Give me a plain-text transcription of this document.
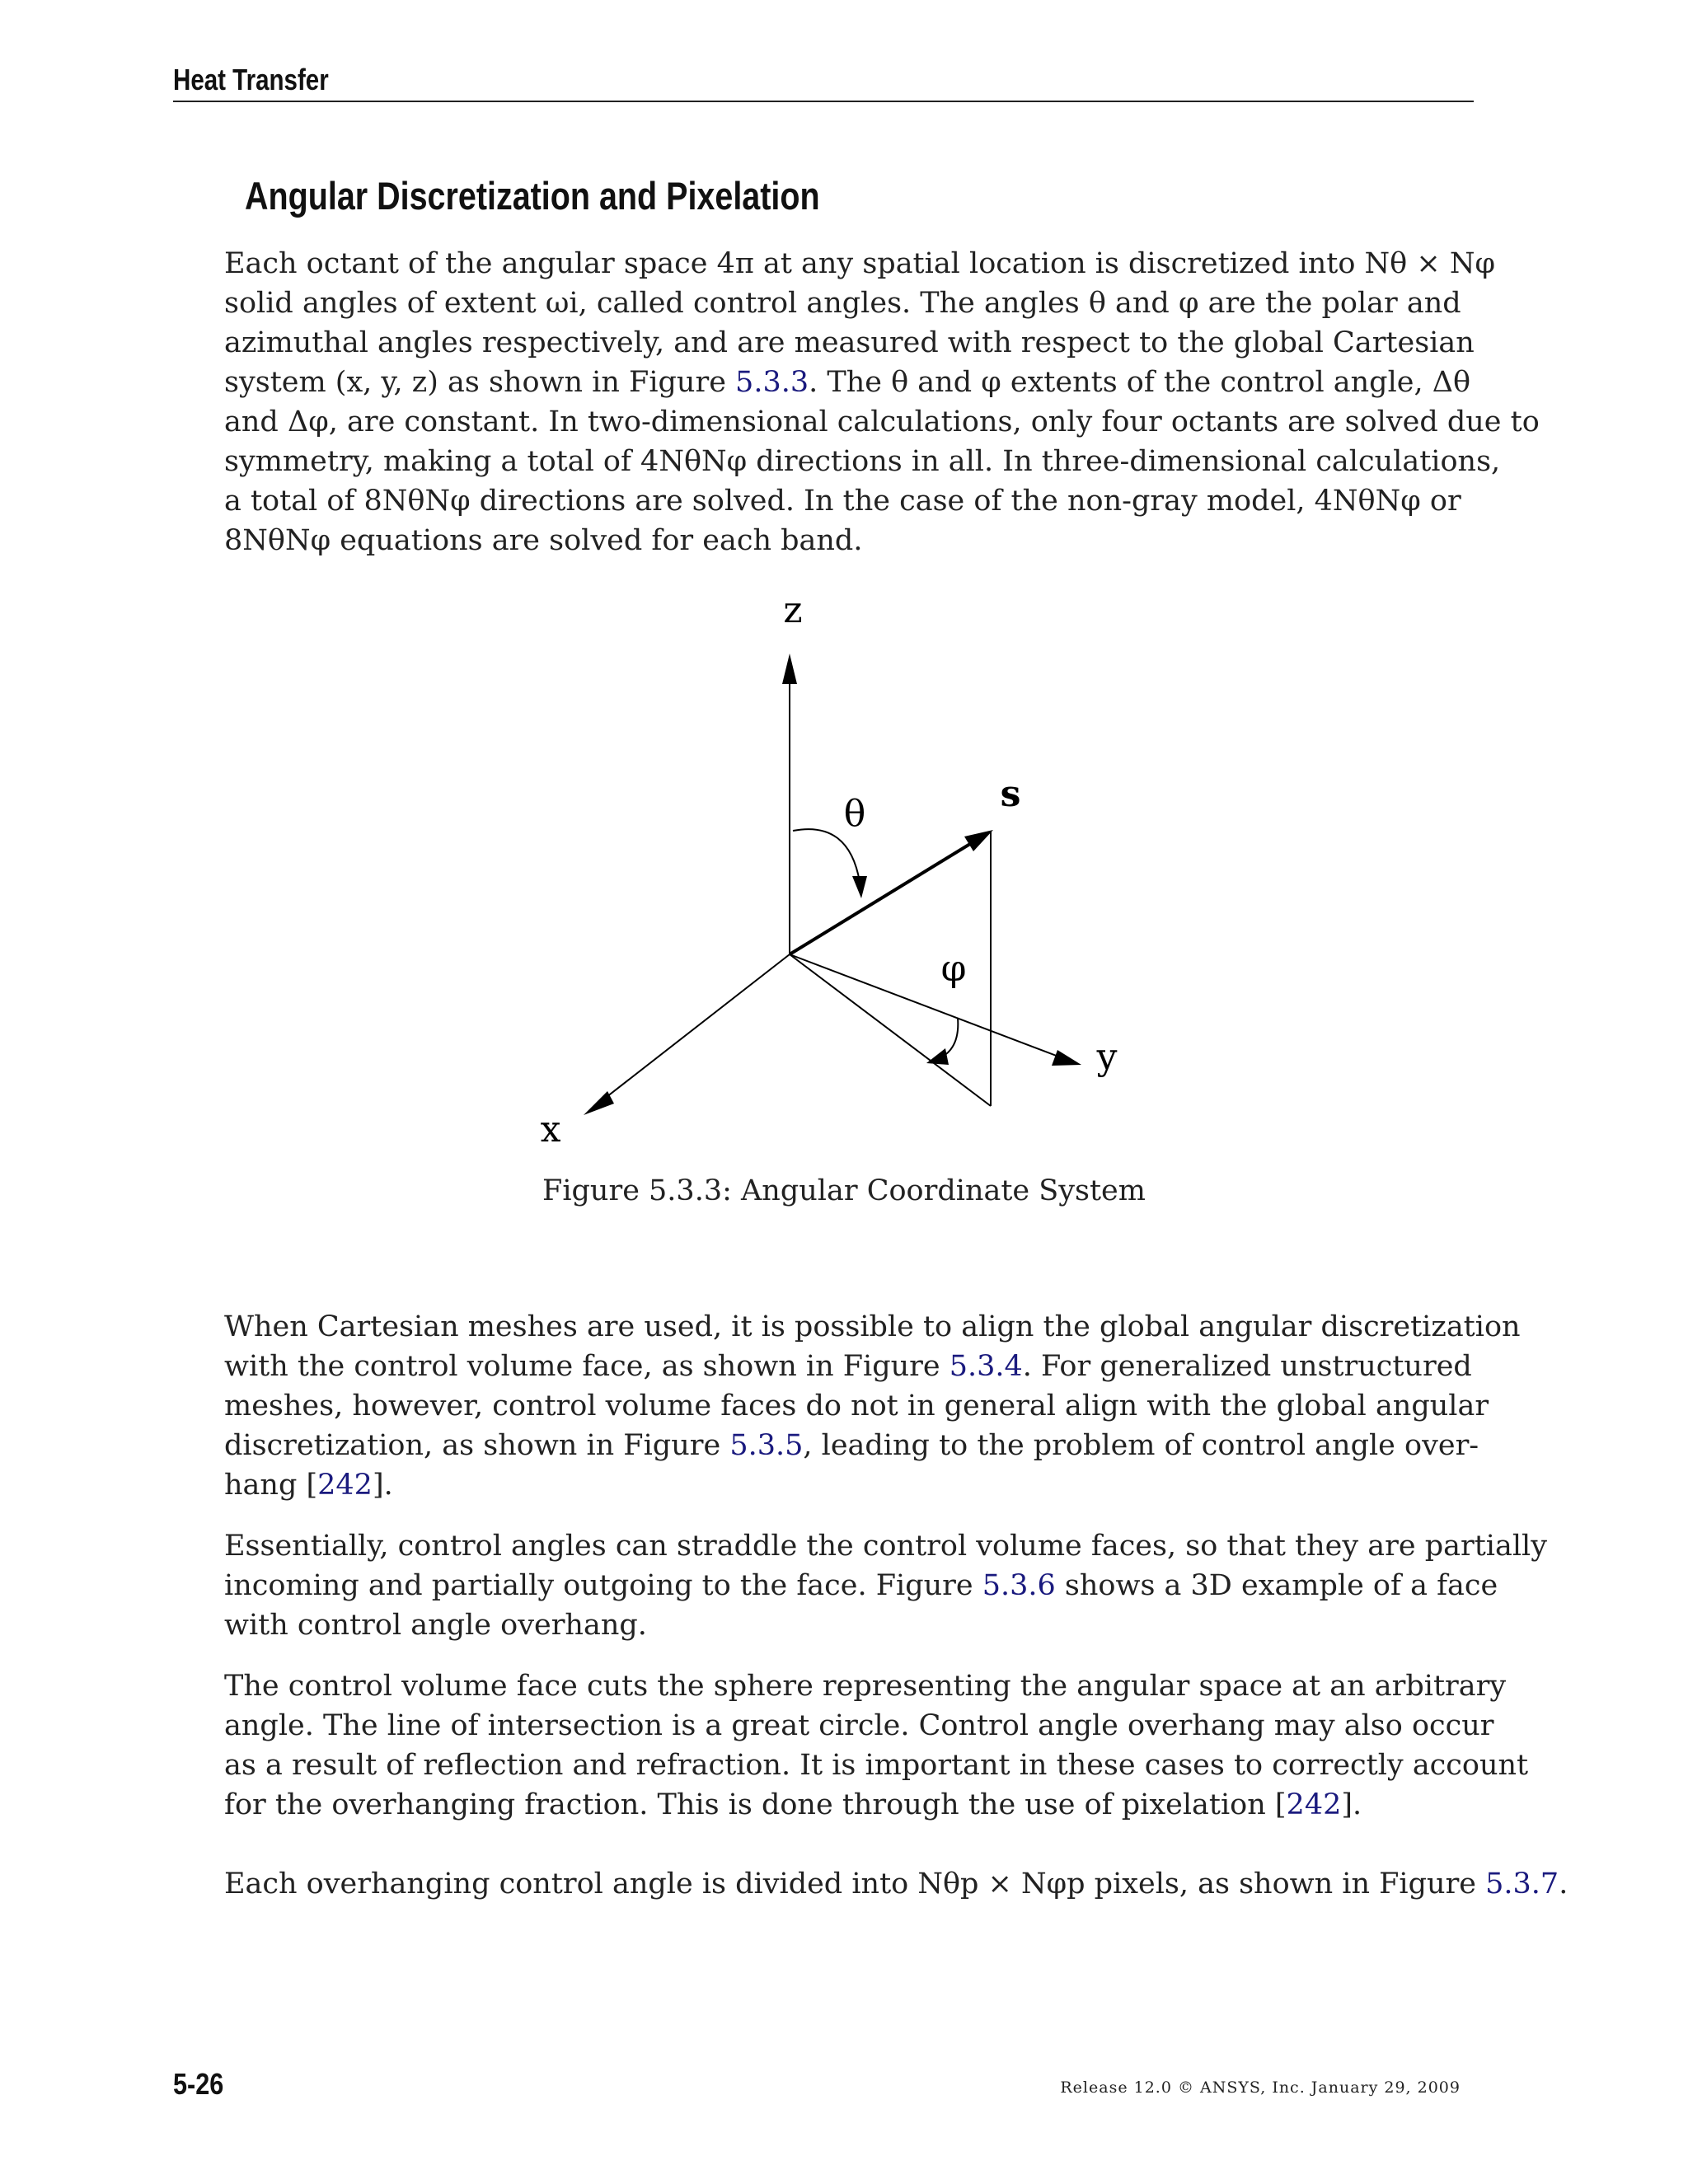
Heat Transfer
Angular Discretization and Pixelation

Each octant of the angular space 4π at any spatial location is discretized into Nθ × Nφ
solid angles of extent ωi, called control angles. The angles θ and φ are the polar and
azimuthal angles respectively, and are measured with respect to the global Cartesian
system (x, y, z) as shown in Figure 5.3.3. The θ and φ extents of the control angle, Δθ
and Δφ, are constant. In two-dimensional calculations, only four octants are solved due to
symmetry, making a total of 4NθNφ directions in all. In three-dimensional calculations,
a total of 8NθNφ directions are solved. In the case of the non-gray model, 4NθNφ or
8NθNφ equations are solved for each band.

z
x
y
s
θ
φ
Figure 5.3.3: Angular Coordinate System

When Cartesian meshes are used, it is possible to align the global angular discretization
with the control volume face, as shown in Figure 5.3.4. For generalized unstructured
meshes, however, control volume faces do not in general align with the global angular
discretization, as shown in Figure 5.3.5, leading to the problem of control angle over-
hang [242].

Essentially, control angles can straddle the control volume faces, so that they are partially
incoming and partially outgoing to the face. Figure 5.3.6 shows a 3D example of a face
with control angle overhang.

The control volume face cuts the sphere representing the angular space at an arbitrary
angle. The line of intersection is a great circle. Control angle overhang may also occur
as a result of reflection and refraction. It is important in these cases to correctly account
for the overhanging fraction. This is done through the use of pixelation [242].

Each overhanging control angle is divided into Nθp × Nφp pixels, as shown in Figure 5.3.7.

5-26	Release 12.0 © ANSYS, Inc. January 29, 2009
